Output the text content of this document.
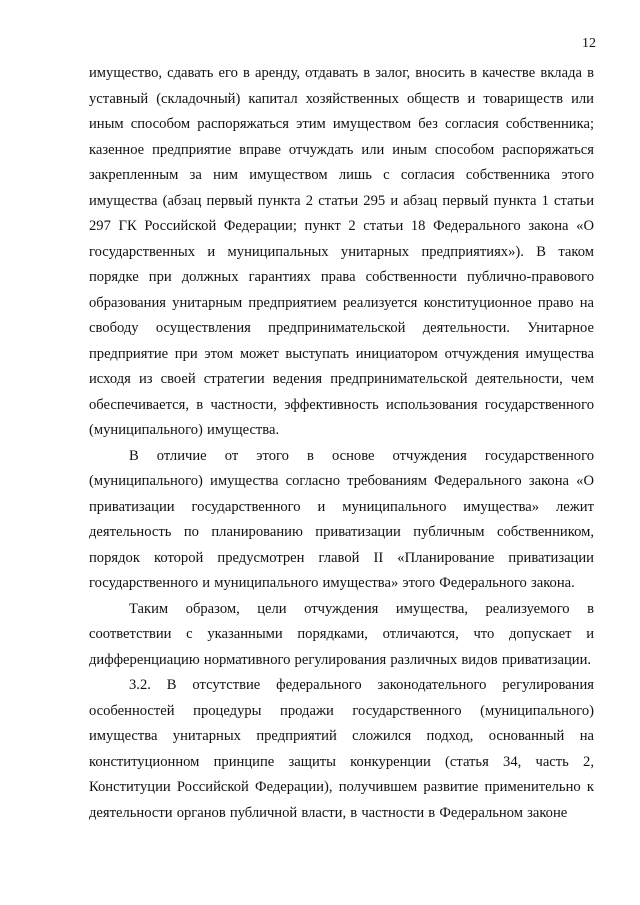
12

имущество, сдавать его в аренду, отдавать в залог, вносить в качестве вклада в уставный (складочный) капитал хозяйственных обществ и товариществ или иным способом распоряжаться этим имуществом без согласия собственника; казенное предприятие вправе отчуждать или иным способом распоряжаться закрепленным за ним имуществом лишь с согласия собственника этого имущества (абзац первый пункта 2 статьи 295 и абзац первый пункта 1 статьи 297 ГК Российской Федерации; пункт 2 статьи 18 Федерального закона «О государственных и муниципальных унитарных предприятиях»). В таком порядке при должных гарантиях права собственности публично-правового образования унитарным предприятием реализуется конституционное право на свободу осуществления предпринимательской деятельности. Унитарное предприятие при этом может выступать инициатором отчуждения имущества исходя из своей стратегии ведения предпринимательской деятельности, чем обеспечивается, в частности, эффективность использования государственного (муниципального) имущества.

В отличие от этого в основе отчуждения государственного (муниципального) имущества согласно требованиям Федерального закона «О приватизации государственного и муниципального имущества» лежит деятельность по планированию приватизации публичным собственником, порядок которой предусмотрен главой II «Планирование приватизации государственного и муниципального имущества» этого Федерального закона.

Таким образом, цели отчуждения имущества, реализуемого в соответствии с указанными порядками, отличаются, что допускает и дифференциацию нормативного регулирования различных видов приватизации.

3.2. В отсутствие федерального законодательного регулирования особенностей процедуры продажи государственного (муниципального) имущества унитарных предприятий сложился подход, основанный на конституционном принципе защиты конкуренции (статья 34, часть 2, Конституции Российской Федерации), получившем развитие применительно к деятельности органов публичной власти, в частности в Федеральном законе
